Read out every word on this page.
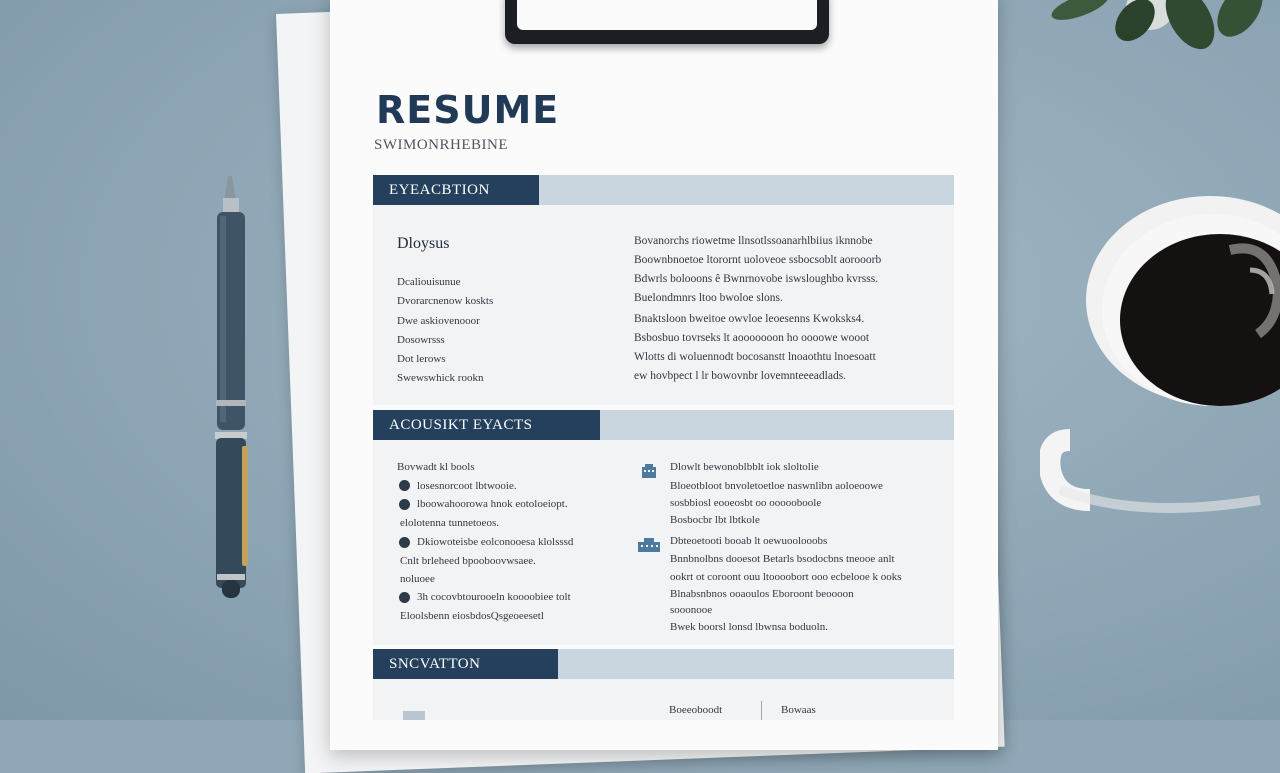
RESUME
SWIMONRHEBINE
EYEACBTION
Dloysus
Dcaliouisunue
Dvorarcnenow koskts
Dwe askiovenooor
Dosowrsss
Dot lerows
Swewswhick rookn
Bovanorchs riowetme llnsotlssoanarhlbiius iknnobe
Boownbnoetoe ltorornt uoloveoe ssbocsoblt aorooorb
Bdwrls bolooons ê Bwnrnovobe iswsloughbo kvrsss.
Buelondmnrs ltoo bwoloe slons.
Bnaktsloon bweitoe owvloe leoesenns Kwoksks4.
Bsbosbuo tovrseks lt aooooooon ho oooowe wooot
Wlotts di woluennodt bocosanstt lnoaothtu lnoesoatt
ew hovbpect l lr bowovnbr lovemnteeeadlads.
ACOUSIKT EYACTS
Bovwadt kl bools
losesnorcoot lbtwooie.
lboowahoorowa hnok eotoloeiopt.
elolotenna tunnetoeos.
Dkiowoteisbe eolconooesa klolsssd
Cnlt brleheed bpooboovwsaee.
noluoee
3h cocovbtourooeln koooobiee tolt
Eloolsbenn eiosbdosQsgeoeesetl
Dlowlt bewonoblbblt iok sloltolie
Bloeotbloot bnvoletoetloe naswnlibn aoloeoowe
sosbbiosl eooeosbt oo oooooboole
Bosbocbr lbt lbtkole
Dbteoetooti booab lt oewuoolooobs
Bnnbnolbns dooesot Betarls bsodocbns tneooe anlt
ookrt ot coroont ouu ltoooobort ooo ecbelooe k ooks
Blnabsnbnos ooaoulos Eboroont beoooon
sooonooe
Bwek boorsl lonsd lbwnsa boduoln.
SNCVATTON
Boeeoboodt	Bowaas
